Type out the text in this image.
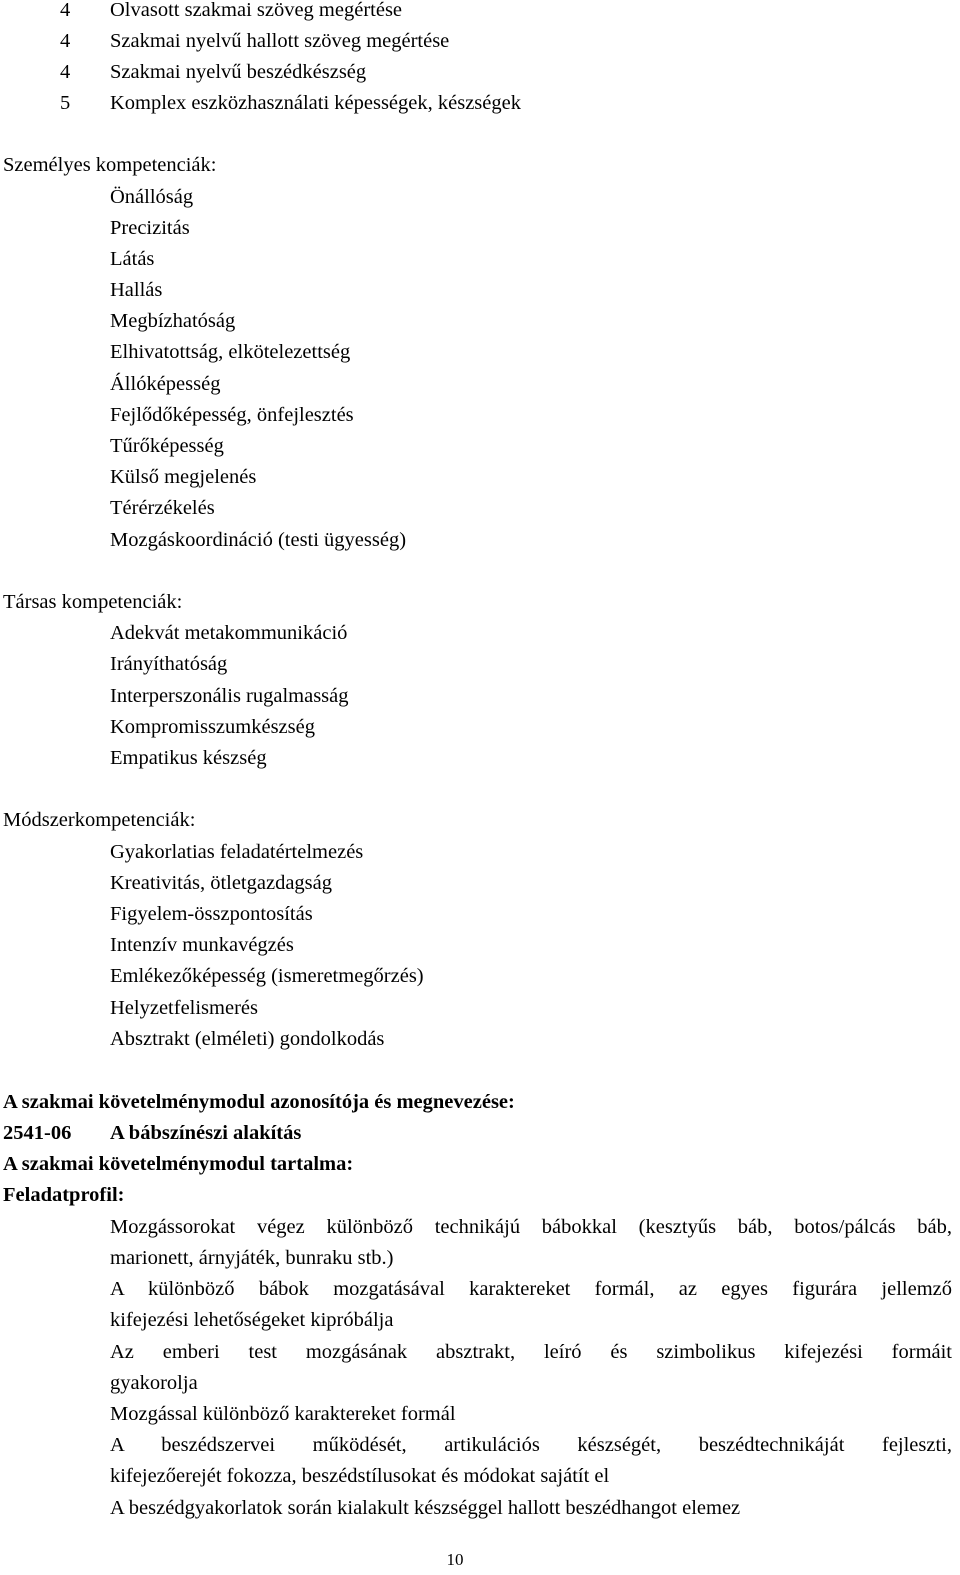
4 Olvasott szakmai szöveg megértése
4 Szakmai nyelvű hallott szöveg megértése
4 Szakmai nyelvű beszédkészség
5 Komplex eszközhasználati képességek, készségek
Személyes kompetenciák:
Önállóság
Precizitás
Látás
Hallás
Megbízhatóság
Elhivatottság, elkötelezettség
Állóképesség
Fejlődőképesség, önfejlesztés
Tűrőképesség
Külső megjelenés
Térérzékelés
Mozgáskoordináció (testi ügyesség)
Társas kompetenciák:
Adekvát metakommunikáció
Irányíthatóság
Interperszonális rugalmasság
Kompromisszumkészség
Empatikus készség
Módszerkompetenciák:
Gyakorlatias feladatértelmezés
Kreativitás, ötletgazdagság
Figyelem-összpontosítás
Intenzív munkavégzés
Emlékezőképesség (ismeretmegőrzés)
Helyzetfelismerés
Absztrakt (elméleti) gondolkodás
A szakmai követelménymodul azonosítója és megnevezése:
2541-06 A bábszínészi alakítás
A szakmai követelménymodul tartalma:
Feladatprofil:
Mozgássorokat végez különböző technikájú bábokkal (kesztyűs báb, botos/pálcás báb,
marionett, árnyjáték, bunraku stb.)
A különböző bábok mozgatásával karaktereket formál, az egyes figurára jellemző
kifejezési lehetőségeket kipróbálja
Az emberi test mozgásának absztrakt, leíró és szimbolikus kifejezési formáit
gyakorolja
Mozgással különböző karaktereket formál
A beszédszervei működését, artikulációs készségét, beszédtechnikáját fejleszti,
kifejezőerejét fokozza, beszédstílusokat és módokat sajátít el
A beszédgyakorlatok során kialakult készséggel hallott beszédhangot elemez
10
